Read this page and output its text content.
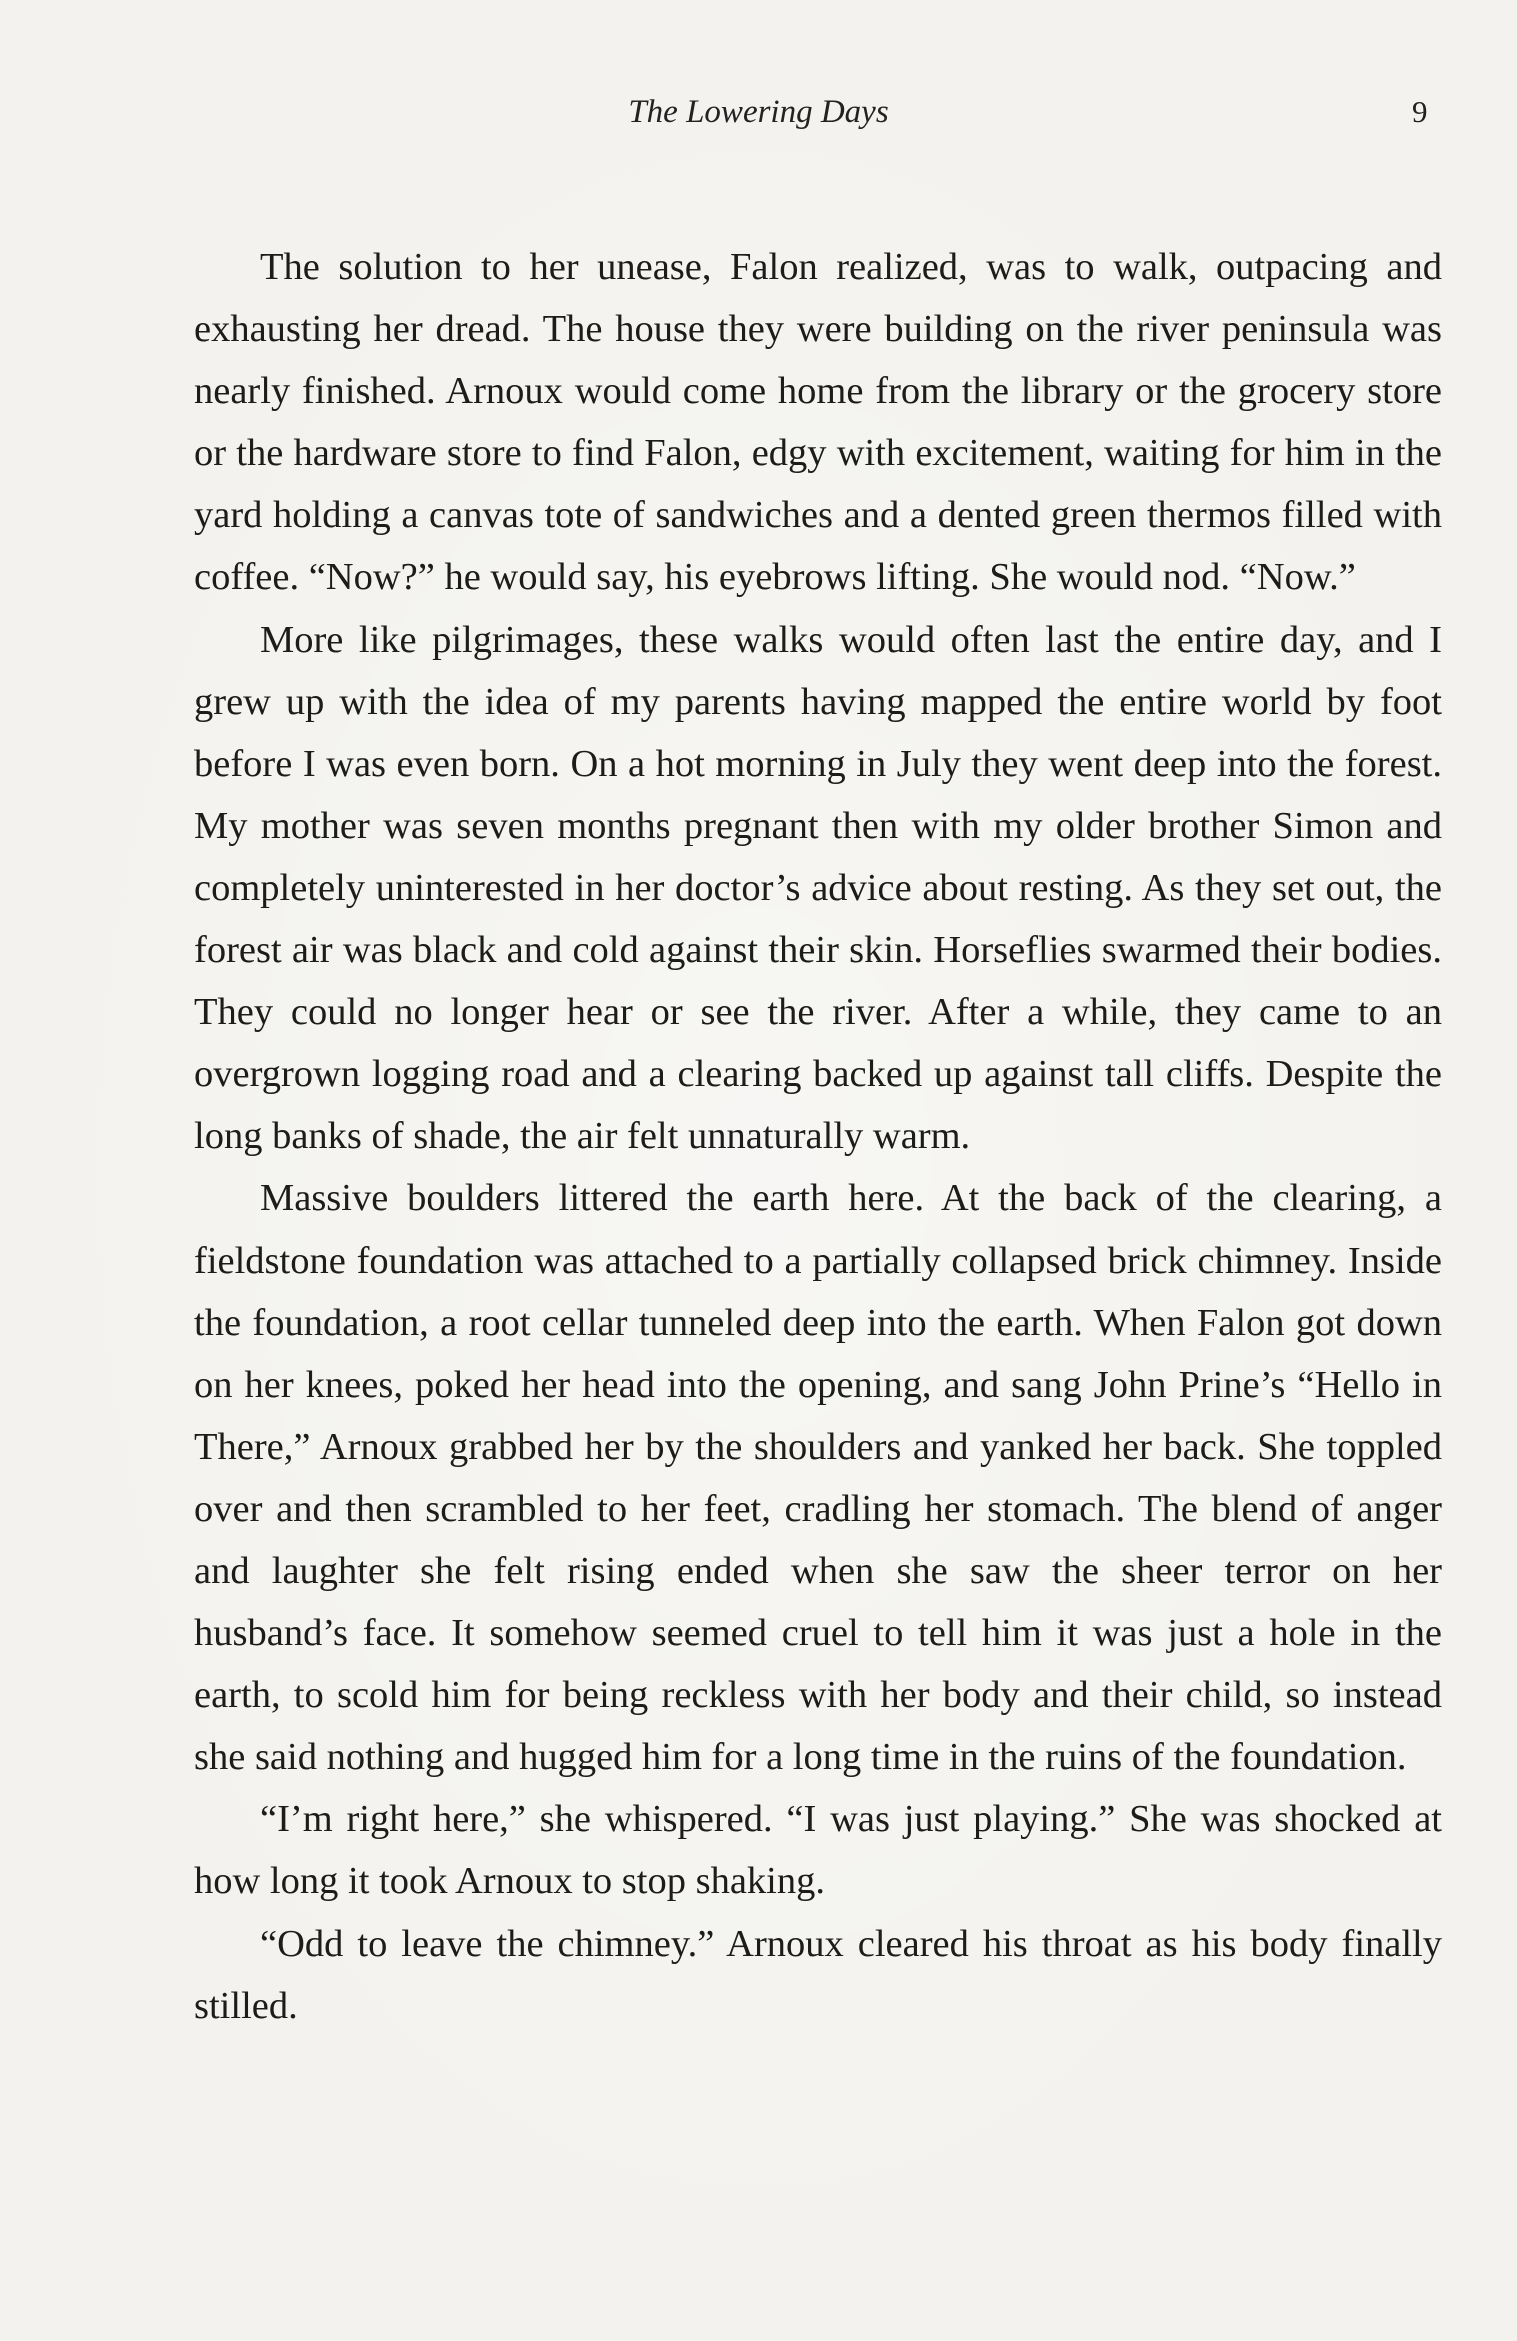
The Lowering Days	9

The solution to her unease, Falon realized, was to walk, outpacing and exhausting her dread. The house they were building on the river peninsula was nearly finished. Arnoux would come home from the library or the grocery store or the hardware store to find Falon, edgy with excitement, waiting for him in the yard holding a canvas tote of sandwiches and a dented green thermos filled with coffee. “Now?” he would say, his eyebrows lifting. She would nod. “Now.”

More like pilgrimages, these walks would often last the entire day, and I grew up with the idea of my parents having mapped the entire world by foot before I was even born. On a hot morning in July they went deep into the forest. My mother was seven months pregnant then with my older brother Simon and completely uninterested in her doctor’s advice about resting. As they set out, the forest air was black and cold against their skin. Horseflies swarmed their bodies. They could no longer hear or see the river. After a while, they came to an overgrown logging road and a clearing backed up against tall cliffs. Despite the long banks of shade, the air felt unnaturally warm.

Massive boulders littered the earth here. At the back of the clearing, a fieldstone foundation was attached to a partially collapsed brick chimney. Inside the foundation, a root cellar tunneled deep into the earth. When Falon got down on her knees, poked her head into the opening, and sang John Prine’s “Hello in There,” Arnoux grabbed her by the shoulders and yanked her back. She toppled over and then scrambled to her feet, cradling her stomach. The blend of anger and laughter she felt rising ended when she saw the sheer terror on her husband’s face. It somehow seemed cruel to tell him it was just a hole in the earth, to scold him for being reckless with her body and their child, so instead she said nothing and hugged him for a long time in the ruins of the foundation.

“I’m right here,” she whispered. “I was just playing.” She was shocked at how long it took Arnoux to stop shaking.

“Odd to leave the chimney.” Arnoux cleared his throat as his body finally stilled.
